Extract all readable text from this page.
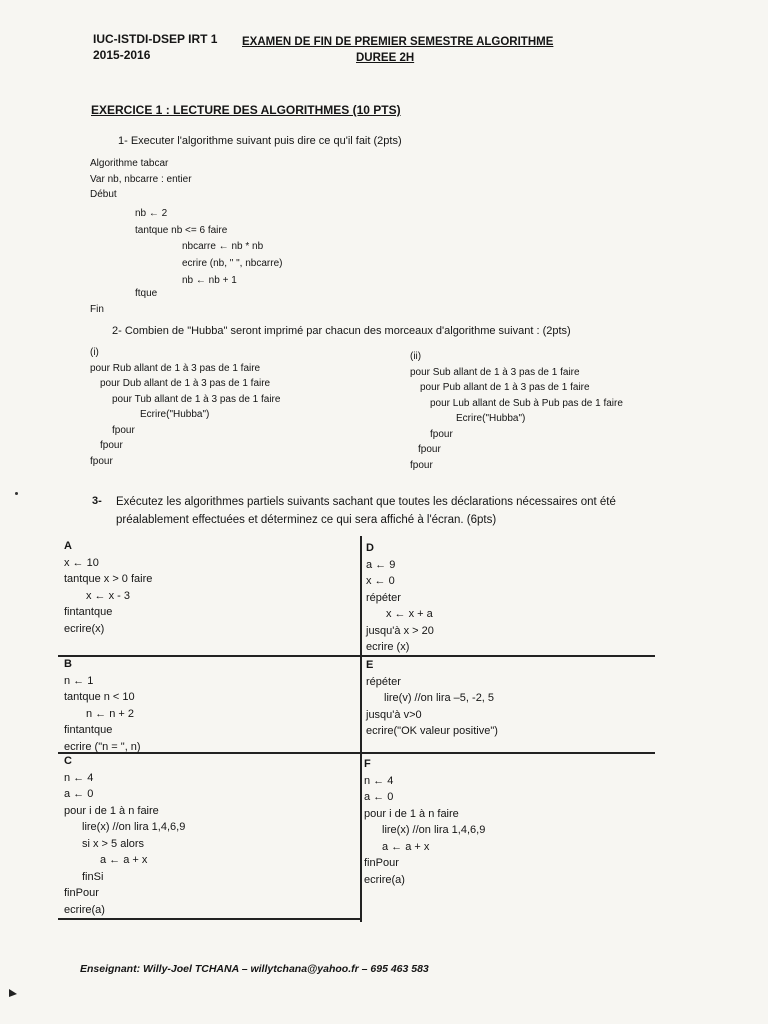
IUC-ISTDI-DSEP IRT 1
2015-2016
EXAMEN DE FIN DE PREMIER SEMESTRE ALGORITHME
DUREE 2H
EXERCICE 1 : LECTURE DES ALGORITHMES (10 PTS)
1- Executer l'algorithme suivant puis dire ce qu'il fait (2pts)
Algorithme tabcar
Var nb, nbcarre : entier
Début
nb ← 2
tantque nb <= 6 faire
nbcarre ← nb * nb
ecrire (nb, " ", nbcarre)
nb ← nb + 1
ftque
Fin
2- Combien de "Hubba" seront imprimé par chacun des morceaux d'algorithme suivant : (2pts)
(i)
pour Rub allant de 1 à 3 pas de 1 faire
pour Dub allant de 1 à 3 pas de 1 faire
pour Tub allant de 1 à 3 pas de 1 faire
Ecrire("Hubba")
fpour
fpour
fpour
(ii)
pour Sub allant de 1 à 3 pas de 1 faire
pour Pub allant de 1 à 3 pas de 1 faire
pour Lub allant de Sub à Pub pas de 1 faire
Ecrire("Hubba")
fpour
fpour
fpour
3- Exécutez les algorithmes partiels suivants sachant que toutes les déclarations nécessaires ont été
préalablement effectuées et déterminez ce qui sera affiché à l'écran. (6pts)
A
x ← 10
tantque x > 0 faire
x ← x - 3
fintantque
ecrire(x)
D
a ← 9
x ← 0
répéter
x ← x + a
jusqu'à x > 20
ecrire (x)
B
n ← 1
tantque n < 10
n ← n + 2
fintantque
ecrire ("n = ", n)
E
répéter
lire(v) //on lira –5, -2, 5
jusqu'à v>0
ecrire("OK valeur positive")
C
n ← 4
a ← 0
pour i de 1 à n faire
lire(x) //on lira 1,4,6,9
si x > 5 alors
a ← a + x
finSi
finPour
ecrire(a)
F
n ← 4
a ← 0
pour i de 1 à n faire
lire(x) //on lira 1,4,6,9
a ← a + x
finPour
ecrire(a)
Enseignant: Willy-Joel TCHANA – willytchana@yahoo.fr – 695 463 583
